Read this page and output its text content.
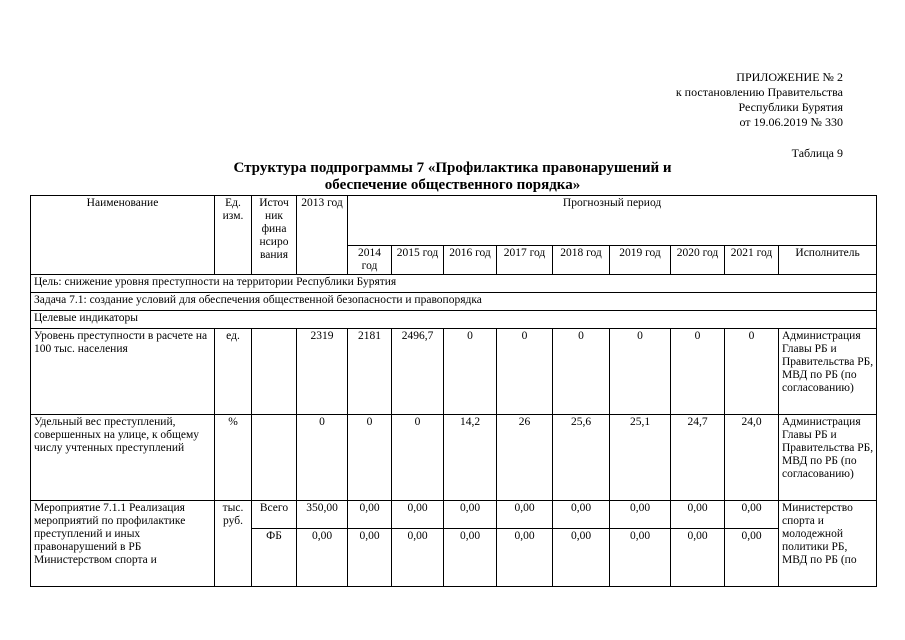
ПРИЛОЖЕНИЕ № 2
к постановлению Правительства
Республики Бурятия
от 19.06.2019 № 330
Таблица 9
Структура подпрограммы 7 «Профилактика правонарушений и
обеспечение общественного порядка»
Наименование	Ед. изм.	Источ ник фина нсиро вания	2013 год	Прогнозный период								
				2014 год	2015 год	2016 год	2017 год	2018 год	2019 год	2020 год	2021 год	Исполнитель
Цель: снижение уровня преступности на территории Республики Бурятия												
Задача 7.1: создание условий для обеспечения общественной безопасности и правопорядка												
Целевые индикаторы												
Уровень преступности в расчете на 100 тыс. населения	ед.		2319	2181	2496,7	0	0	0	0	0	0	Администрация Главы РБ и Правительства РБ, МВД по РБ (по согласованию)
Удельный вес преступлений, совершенных на улице, к общему числу учтенных преступлений	%		0	0	0	14,2	26	25,6	25,1	24,7	24,0	Администрация Главы РБ и Правительства РБ, МВД по РБ (по согласованию)
Мероприятие 7.1.1 Реализация мероприятий по профилактике преступлений и иных правонарушений в РБ Министерством спорта и	тыс. руб.	Всего	350,00	0,00	0,00	0,00	0,00	0,00	0,00	0,00	0,00	Министерство спорта и молодежной политики РБ, МВД по РБ (по
		ФБ	0,00	0,00	0,00	0,00	0,00	0,00	0,00	0,00	0,00	
